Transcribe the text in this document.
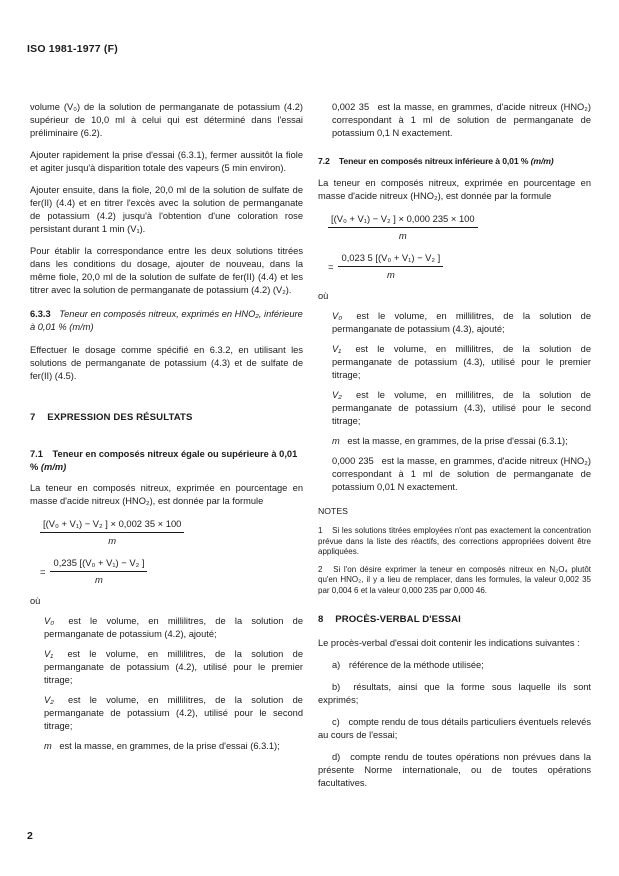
ISO 1981-1977 (F)

volume (V₀) de la solution de permanganate de potassium (4.2) supérieur de 10,0 ml à celui qui est déterminé dans l'essai préliminaire (6.2).

Ajouter rapidement la prise d'essai (6.3.1), fermer aussitôt la fiole et agiter jusqu'à disparition totale des vapeurs (5 min environ).

Ajouter ensuite, dans la fiole, 20,0 ml de la solution de sulfate de fer(II) (4.4) et en titrer l'excès avec la solution de permanganate de potassium (4.2) jusqu'à l'obtention d'une coloration rose persistant durant 1 min (V₁).

Pour établir la correspondance entre les deux solutions titrées dans les conditions du dosage, ajouter de nouveau, dans la même fiole, 20,0 ml de la solution de sulfate de fer(II) (4.4) et les titrer avec la solution de permanganate de potassium (4.2) (V₂).

6.3.3 Teneur en composés nitreux, exprimés en HNO₂, inférieure à 0,01 % (m/m)

Effectuer le dosage comme spécifié en 6.3.2, en utilisant les solutions de permanganate de potassium (4.3) et de sulfate de fer(II) (4.5).

7 EXPRESSION DES RÉSULTATS
7.1 Teneur en composés nitreux égale ou supérieure à 0,01 % (m/m)

La teneur en composés nitreux, exprimée en pourcentage en masse d'acide nitreux (HNO₂), est donnée par la formule

$\frac{\text{[(V₀ + V₁) − V₂ ] × 0,002 35 × 100}}{m}$
= $\frac{\text{0,235 [(V₀ + V₁) − V₂ ]}}{m}$

où

V₀ est le volume, en millilitres, de la solution de permanganate de potassium (4.2), ajouté;

V₁ est le volume, en millilitres, de la solution de permanganate de potassium (4.2), utilisé pour le premier titrage;

V₂ est le volume, en millilitres, de la solution de permanganate de potassium (4.2), utilisé pour le second titrage;

m est la masse, en grammes, de la prise d'essai (6.3.1);

0,002 35 est la masse, en grammes, d'acide nitreux (HNO₂) correspondant à 1 ml de solution de permanganate de potassium 0,1 N exactement.

7.2 Teneur en composés nitreux inférieure à 0,01 % (m/m)

La teneur en composés nitreux, exprimée en pourcentage en masse d'acide nitreux (HNO₂), est donnée par la formule

$\frac{\text{[(V₀ + V₁) − V₂ ] × 0,000 235 × 100}}{m}$
= $\frac{\text{0,023 5 [(V₀ + V₁) − V₂ ]}}{m}$

où

V₀ est le volume, en millilitres, de la solution de permanganate de potassium (4.3), ajouté;

V₁ est le volume, en millilitres, de la solution de permanganate de potassium (4.3), utilisé pour le premier titrage;

V₂ est le volume, en millilitres, de la solution de permanganate de potassium (4.3), utilisé pour le second titrage;

m est la masse, en grammes, de la prise d'essai (6.3.1);

0,000 235 est la masse, en grammes, d'acide nitreux (HNO₂) correspondant à 1 ml de solution de permanganate de potassium 0,01 N exactement.

NOTES

1 Si les solutions titrées employées n'ont pas exactement la concentration prévue dans la liste des réactifs, des corrections appropriées doivent être appliquées.

2 Si l'on désire exprimer la teneur en composés nitreux en N₂O₄ plutôt qu'en HNO₂, il y a lieu de remplacer, dans les formules, la valeur 0,002 35 par 0,004 6 et la valeur 0,000 235 par 0,000 46.

8 PROCÈS-VERBAL D'ESSAI

Le procès-verbal d'essai doit contenir les indications suivantes :

a) référence de la méthode utilisée;

b) résultats, ainsi que la forme sous laquelle ils sont exprimés;

c) compte rendu de tous détails particuliers éventuels relevés au cours de l'essai;

d) compte rendu de toutes opérations non prévues dans la présente Norme internationale, ou de toutes opérations facultatives.

2
